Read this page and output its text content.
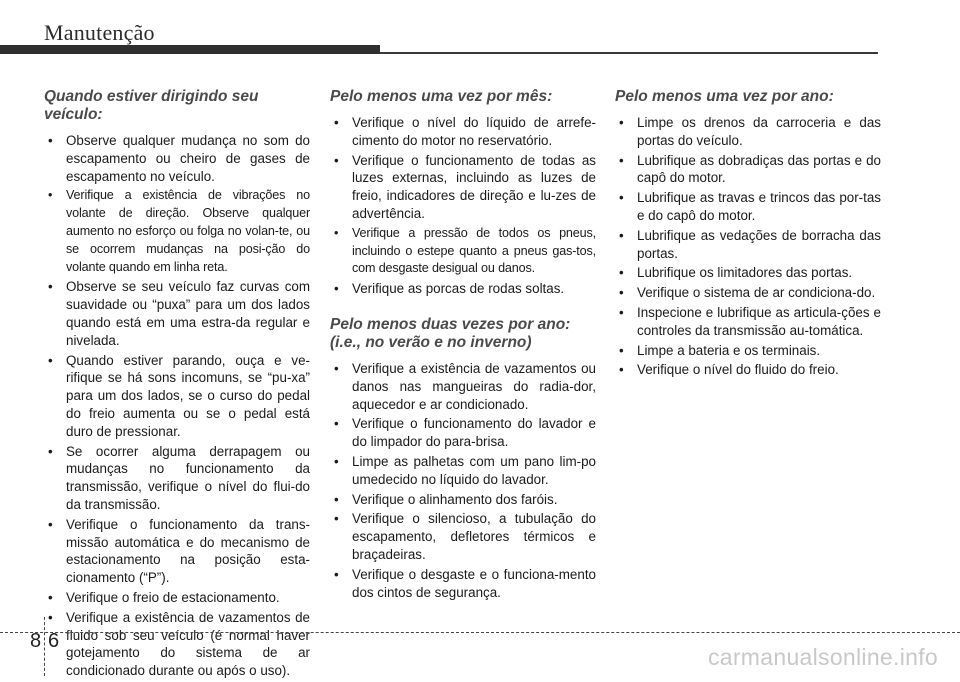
Manutenção
Quando estiver dirigindo seu veículo:
• Observe qualquer mudança no som do escapamento ou cheiro de gases de escapamento no veículo.
• Verifique a existência de vibrações no volante de direção. Observe qualquer aumento no esforço ou folga no volan-te, ou se ocorrem mudanças na posi-ção do volante quando em linha reta.
• Observe se seu veículo faz curvas com suavidade ou “puxa” para um dos lados quando está em uma estra-da regular e nivelada.
• Quando estiver parando, ouça e ve-rifique se há sons incomuns, se “pu-xa” para um dos lados, se o curso do pedal do freio aumenta ou se o pedal está duro de pressionar.
• Se ocorrer alguma derrapagem ou mudanças no funcionamento da transmissão, verifique o nível do flui-do da transmissão.
• Verifique o funcionamento da trans-missão automática e do mecanismo de estacionamento na posição esta-cionamento (“P”).
• Verifique o freio de estacionamento.
• Verifique a existência de vazamentos de fluido sob seu veículo (é normal haver gotejamento do sistema de ar condicionado durante ou após o uso).
Pelo menos uma vez por mês:
• Verifique o nível do líquido de arrefe-cimento do motor no reservatório.
• Verifique o funcionamento de todas as luzes externas, incluindo as luzes de freio, indicadores de direção e lu-zes de advertência.
• Verifique a pressão de todos os pneus, incluindo o estepe quanto a pneus gas-tos, com desgaste desigual ou danos.
• Verifique as porcas de rodas soltas.
Pelo menos duas vezes por ano: (i.e., no verão e no inverno)
• Verifique a existência de vazamentos ou danos nas mangueiras do radia-dor, aquecedor e ar condicionado.
• Verifique o funcionamento do lavador e do limpador do para-brisa.
• Limpe as palhetas com um pano lim-po umedecido no líquido do lavador.
• Verifique o alinhamento dos faróis.
• Verifique o silencioso, a tubulação do escapamento, defletores térmicos e braçadeiras.
• Verifique o desgaste e o funciona-mento dos cintos de segurança.
Pelo menos uma vez por ano:
• Limpe os drenos da carroceria e das portas do veículo.
• Lubrifique as dobradiças das portas e do capô do motor.
• Lubrifique as travas e trincos das por-tas e do capô do motor.
• Lubrifique as vedações de borracha das portas.
• Lubrifique os limitadores das portas.
• Verifique o sistema de ar condiciona-do.
• Inspecione e lubrifique as articula-ções e controles da transmissão au-tomática.
• Limpe a bateria e os terminais.
• Verifique o nível do fluido do freio.
8 6
carmanualsonline.info
